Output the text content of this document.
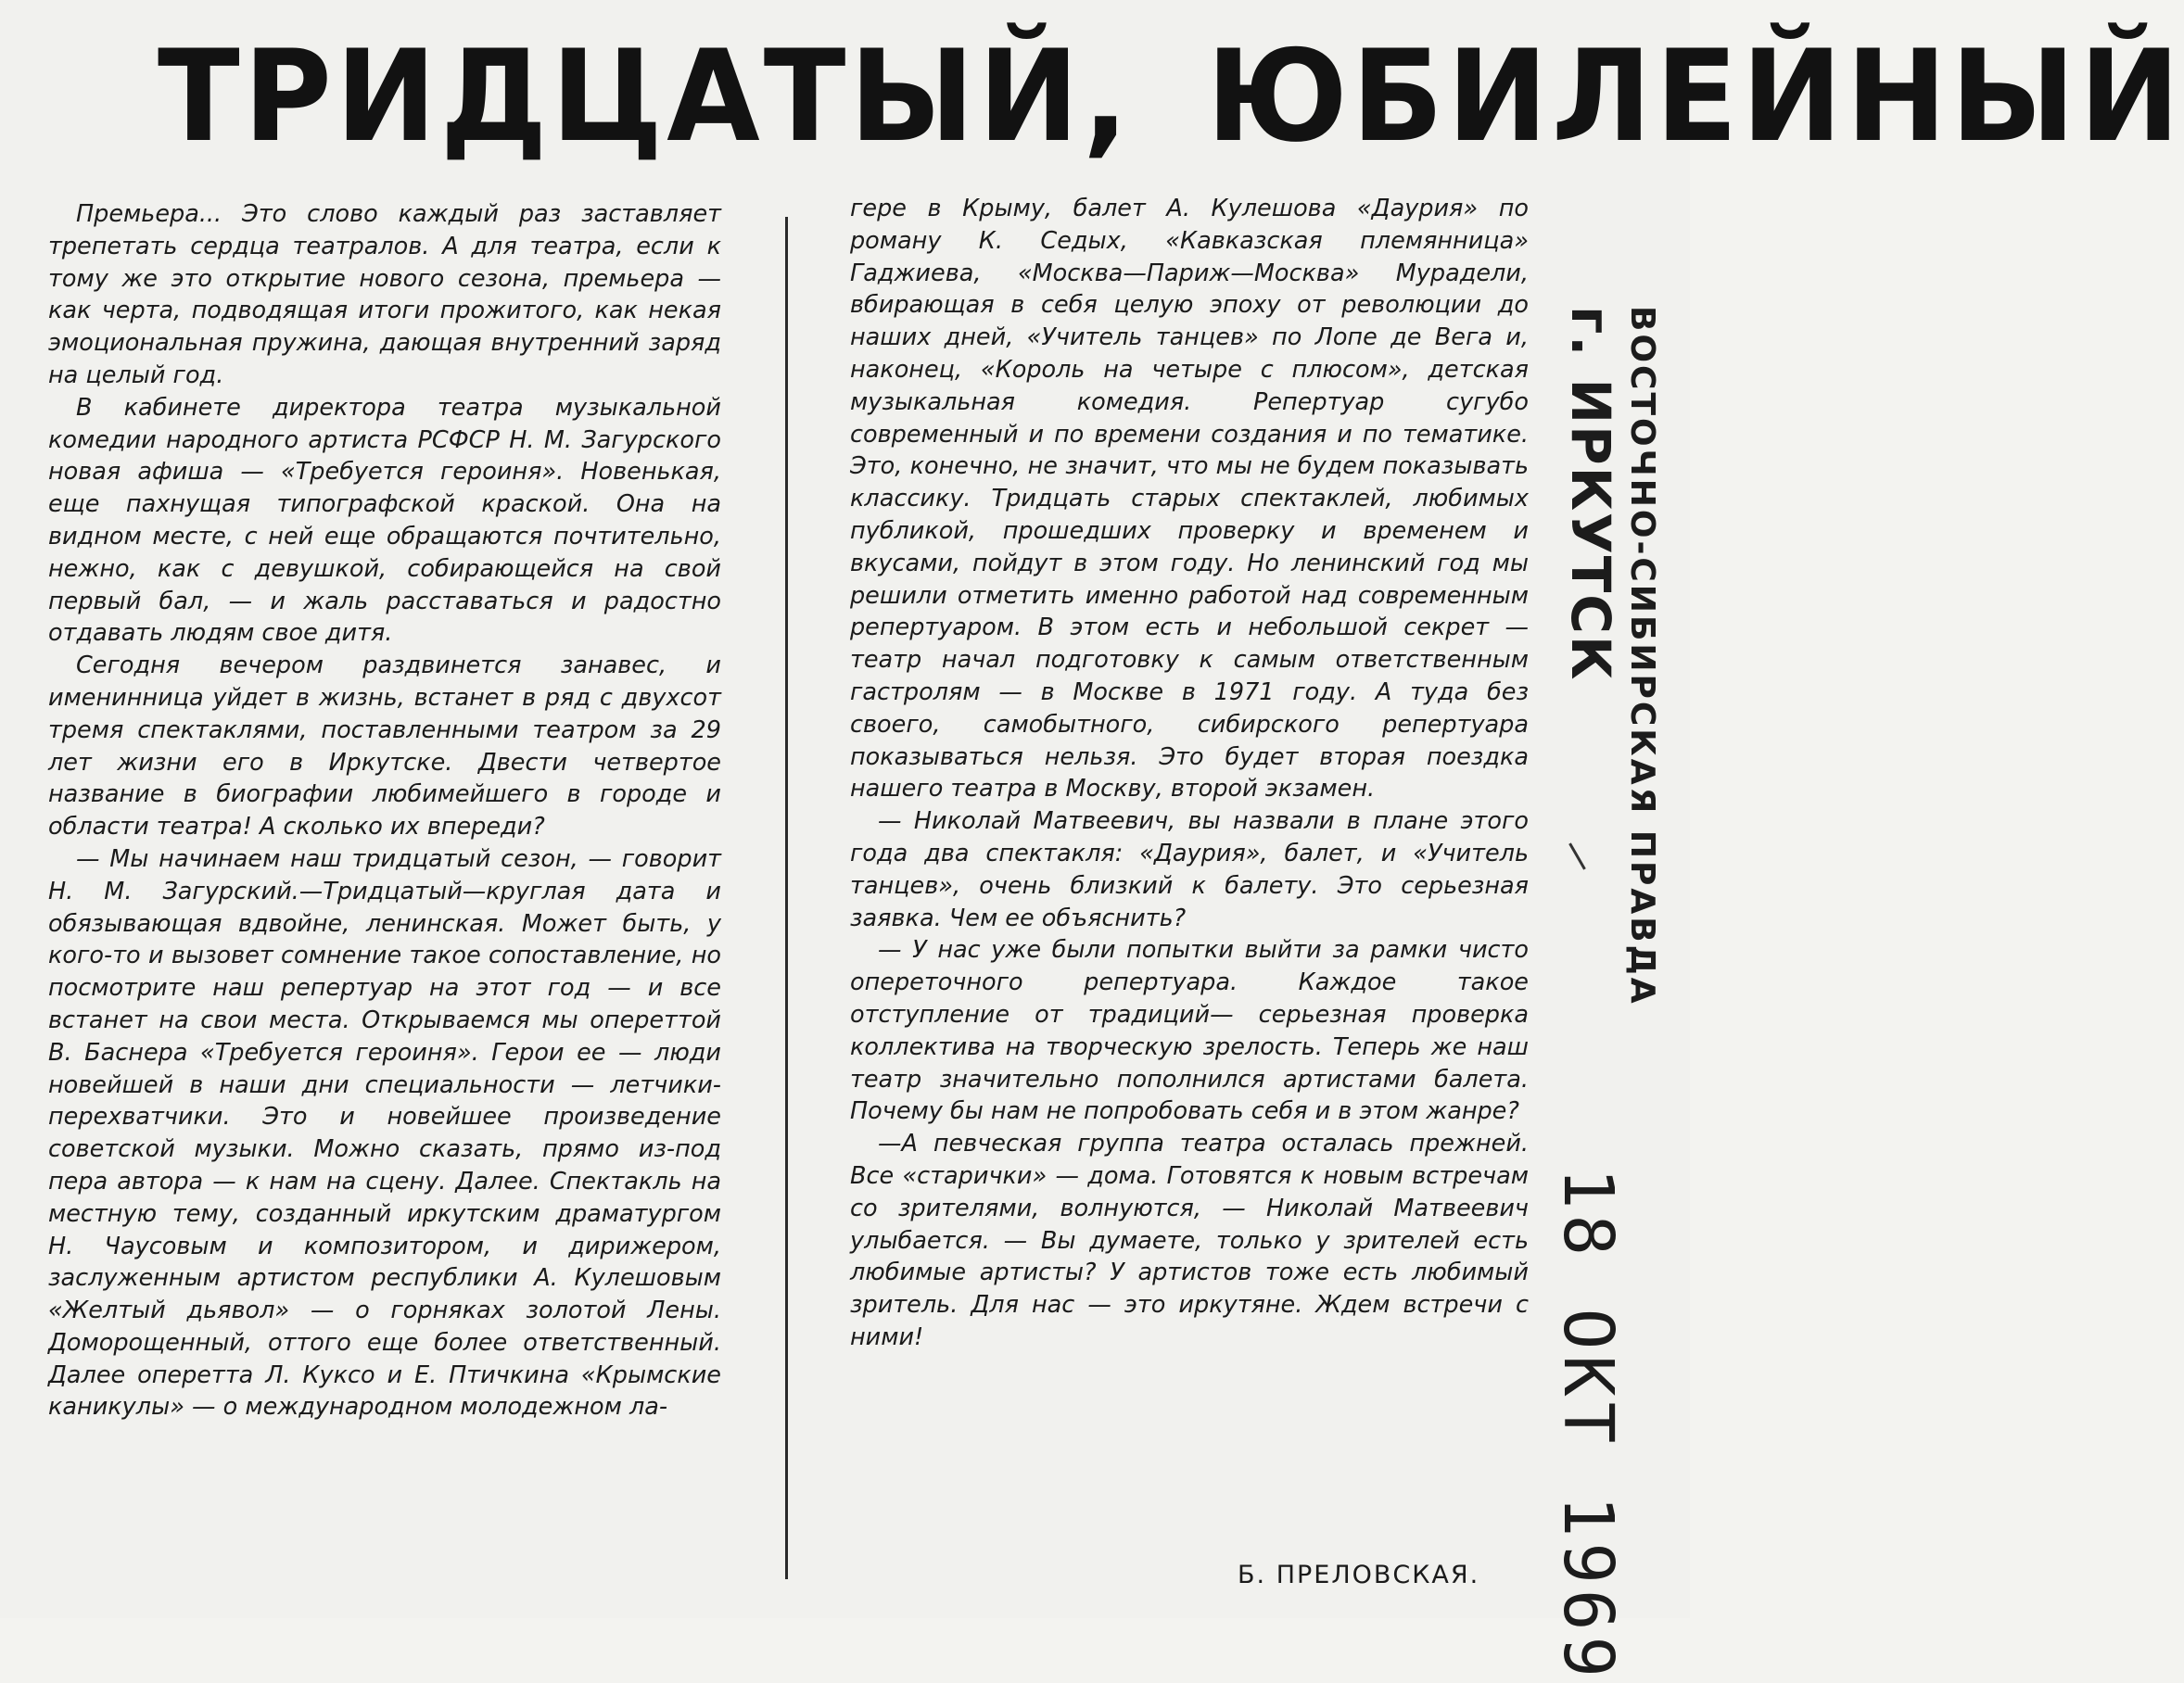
ТРИДЦАТЫЙ, ЮБИЛЕЙНЫЙ

Премьера... Это слово каждый раз заставляет трепетать сердца театралов. А для театра, если к тому же это открытие нового сезона, премьера — как черта, подводящая итоги прожитого, как некая эмоциональная пружина, дающая внутренний заряд на целый год.

В кабинете директора театра музыкальной комедии народного артиста РСФСР Н. М. Загурского новая афиша — «Требуется героиня». Новенькая, еще пахнущая типографской краской. Она на видном месте, с ней еще обращаются почтительно, нежно, как с девушкой, собирающейся на свой первый бал, — и жаль расставаться и радостно отдавать людям свое дитя.

Сегодня вечером раздвинется занавес, и именинница уйдет в жизнь, встанет в ряд с двухсот тремя спектаклями, поставленными театром за 29 лет жизни его в Иркутске. Двести четвертое название в биографии любимейшего в городе и области театра! А сколько их впереди?

— Мы начинаем наш тридцатый сезон, — говорит Н. М. Загурский.—Тридцатый—круглая дата и обязывающая вдвойне, ленинская. Может быть, у кого-то и вызовет сомнение такое сопоставление, но посмотрите наш репертуар на этот год — и все встанет на свои места. Открываемся мы опереттой В. Баснера «Требуется героиня». Герои ее — люди новейшей в наши дни специальности — летчики-перехватчики. Это и новейшее произведение советской музыки. Можно сказать, прямо из-под пера автора — к нам на сцену. Далее. Спектакль на местную тему, созданный иркутским драматургом Н. Чаусовым и композитором, и дирижером, заслуженным артистом республики А. Кулешовым «Желтый дьявол» — о горняках золотой Лены. Доморощенный, оттого еще более ответственный. Далее оперетта Л. Куксо и Е. Птичкина «Крымские каникулы» — о международном молодежном ла-

гере в Крыму, балет А. Кулешова «Даурия» по роману К. Седых, «Кавказская племянница» Гаджиева, «Москва—Париж—Москва» Мурадели, вбирающая в себя целую эпоху от революции до наших дней, «Учитель танцев» по Лопе де Вега и, наконец, «Король на четыре с плюсом», детская музыкальная комедия. Репертуар сугубо современный и по времени создания и по тематике. Это, конечно, не значит, что мы не будем показывать классику. Тридцать старых спектаклей, любимых публикой, прошедших проверку и временем и вкусами, пойдут в этом году. Но ленинский год мы решили отметить именно работой над современным репертуаром. В этом есть и небольшой секрет — театр начал подготовку к самым ответственным гастролям — в Москве в 1971 году. А туда без своего, самобытного, сибирского репертуара показываться нельзя. Это будет вторая поездка нашего театра в Москву, второй экзамен.

— Николай Матвеевич, вы назвали в плане этого года два спектакля: «Даурия», балет, и «Учитель танцев», очень близкий к балету. Это серьезная заявка. Чем ее объяснить?

— У нас уже были попытки выйти за рамки чисто опереточного репертуара. Каждое такое отступление от традиций— серьезная проверка коллектива на творческую зрелость. Теперь же наш театр значительно пополнился артистами балета. Почему бы нам не попробовать себя и в этом жанре?

—А певческая группа театра осталась прежней. Все «старички» — дома. Готовятся к новым встречам со зрителями, волнуются, — Николай Матвеевич улыбается. — Вы думаете, только у зрителей есть любимые артисты? У артистов тоже есть любимый зритель. Для нас — это иркутяне. Ждем встречи с ними!

Б. ПРЕЛОВСКАЯ.
ВОСТОЧНО-СИБИРСКАЯ ПРАВДА
г. ИРКУТСК
18 ОКТ 1969
